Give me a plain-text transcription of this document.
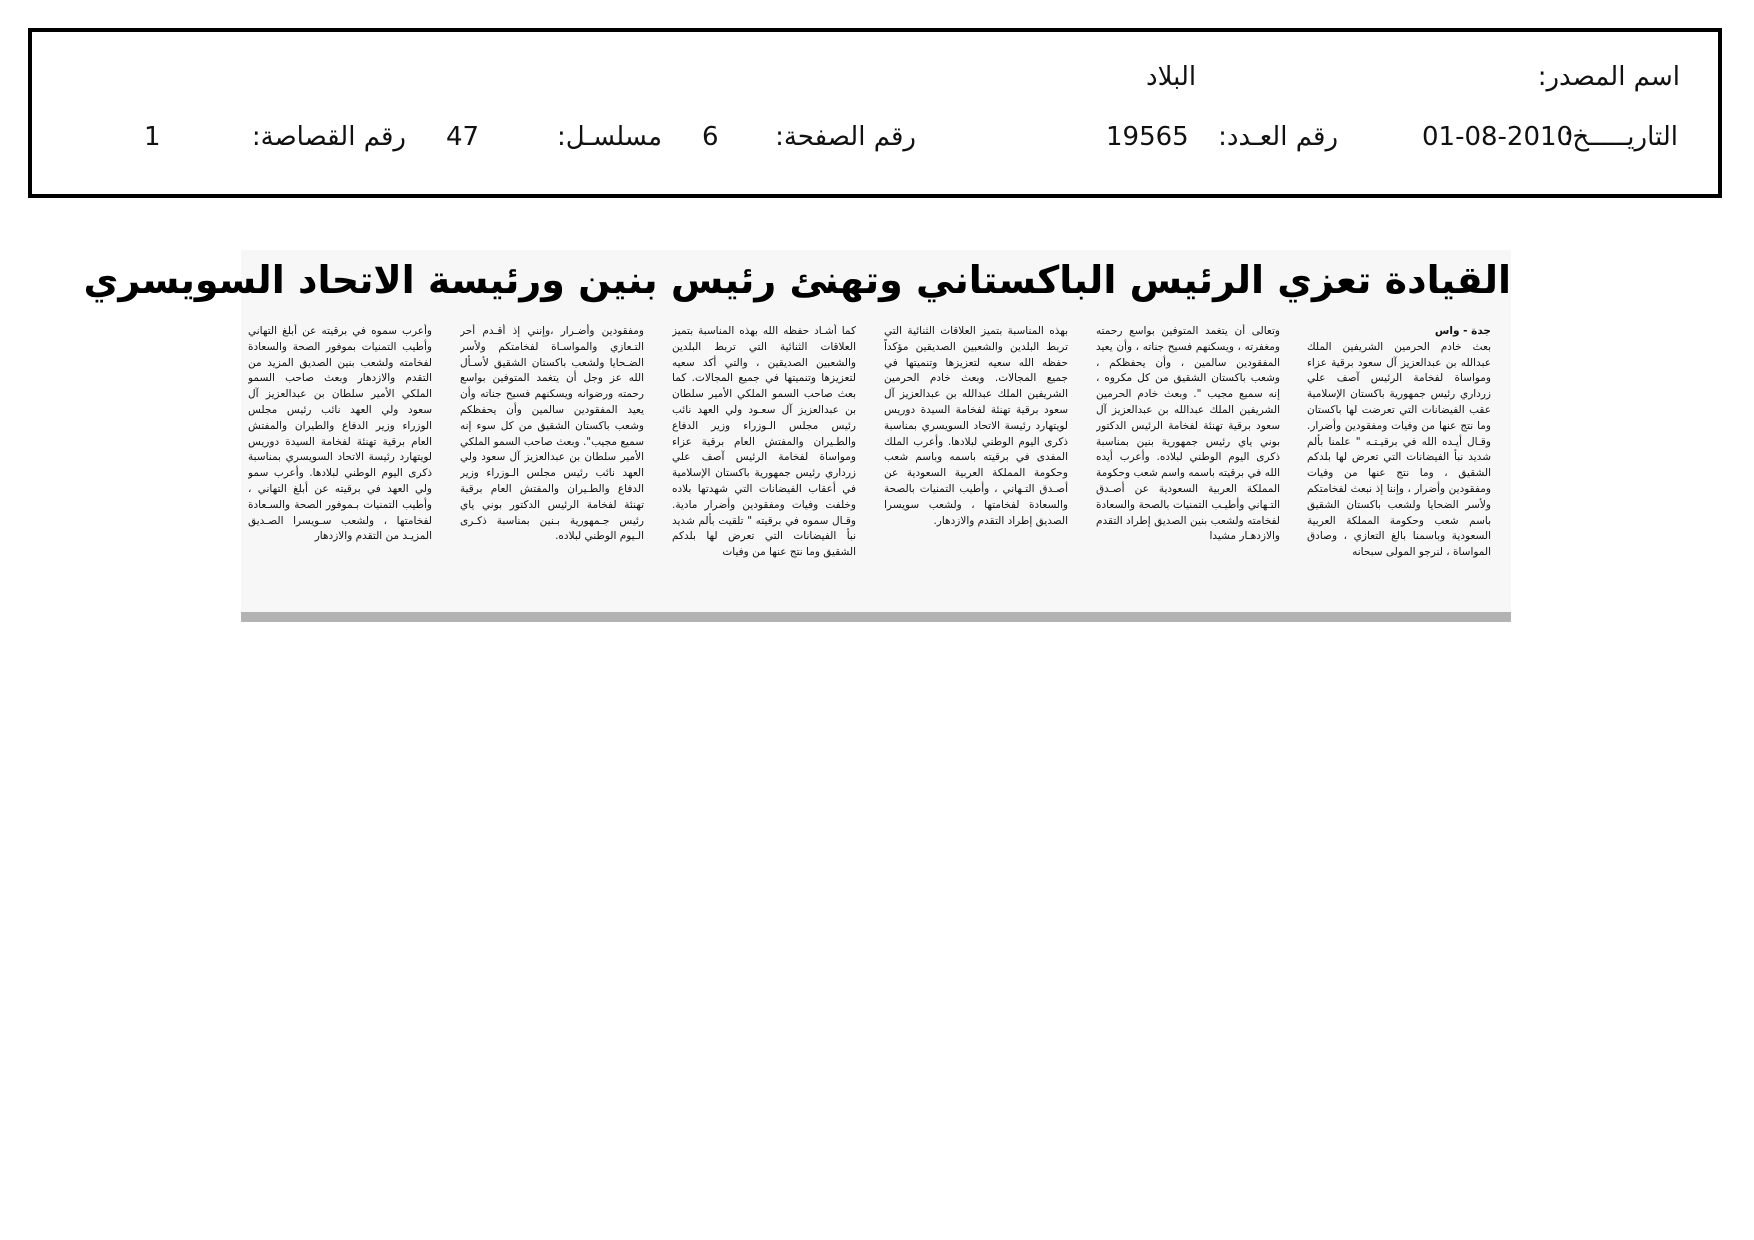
اسم المصدر:
البلاد
التاريـــــخ:
01-08-2010
رقم العـدد:
19565
رقم الصفحة:
6
مسلسـل:
47
رقم القصاصة:
1
القيادة تعزي الرئيس الباكستاني وتهنئ رئيس بنين ورئيسة الاتحاد السويسري

جدة - واس

بعث خادم الحرمين الشريفين الملك عبدالله بن عبدالعزيز آل سعود برقية عزاء ومواساة لفخامة الرئيس آصف علي زرداري رئيس جمهورية باكستان الإسلامية عقب الفيضانات التي تعرضت لها باكستان وما نتج عنها من وفيات ومفقودين وأضرار. وقـال أيـده الله في برقيـتـه " علمنا بألم شديد نبأ الفيضانات التي تعرض لها بلدكم الشقيق ، وما نتج عنها من وفيات ومفقودين وأضرار ، وإننا إذ نبعث لفخامتكم ولأسر الضحايا ولشعب باكستان الشقيق باسم شعب وحكومة المملكة العربية السعودية وباسمنا بالغ التعازي ، وصادق المواساة ، لنرجو المولى سبحانه

وتعالى أن يتغمد المتوفين بواسع رحمته ومغفرته ، ويسكنهم فسيح جناته ، وأن يعيد المفقودين سالمين ، وأن يحفظكم ، وشعب باكستان الشقيق من كل مكروه ، إنه سميع مجيب ". وبعث خادم الحرمين الشريفين الملك عبدالله بن عبدالعزيز آل سعود برقية تهنئة لفخامة الرئيس الدكتور بوني ياي رئيس جمهورية بنين بمناسبة ذكرى اليوم الوطني لبلاده. وأعرب أيده الله في برقيته باسمه واسم شعب وحكومة المملكة العربية السعودية عن أصـدق التـهاني وأطيـب التمنيات بالصحة والسعادة لفخامته ولشعب بنين الصديق إطراد التقدم والازدهـار مشيدا

بهذه المناسبة بتميز العلاقات الثنائية التي تربط البلدين والشعبين الصديقين مؤكداً حفظه الله سعيه لتعزيزها وتنميتها في جميع المجالات. وبعث خادم الحرمين الشريفين الملك عبدالله بن عبدالعزيز آل سعود برقية تهنئة لفخامة السيدة دوريس لويتهارد رئيسة الاتحاد السويسري بمناسبة ذكرى اليوم الوطني لبلادها. وأعرب الملك المفدى في برقيته باسمه وباسم شعب وحكومة المملكة العربية السعودية عن أصـدق التـهاني ، وأطيب التمنيات بالصحة والسعادة لفخامتها ، ولشعب سويسرا الصديق إطراد التقدم والازدهار.

كما أشـاد حفظه الله بهذه المناسبة بتميز العلاقات الثنائية التي تربط البلدين والشعبين الصديقين ، والتي أكد سعيه لتعزيزها وتنميتها في جميع المجالات. كما بعث صاحب السمو الملكي الأمير سلطان بن عبدالعزيز آل سعـود ولي العهد نائب رئيس مجلس الـوزراء وزير الدفاع والطـيران والمفتش العام برقية عزاء ومواساة لفخامة الرئيس آصف علي زرداري رئيس جمهورية باكستان الإسلامية في أعقاب الفيضانات التي شهدتها بلاده وخلفت وفيات ومفقودين وأضرار مادية. وقـال سموه في برقيته " تلقيت بألم شديد نبأ الفيضانات التي تعرض لها بلدكم الشقيق وما نتج عنها من وفيات

ومفقودين وأضـرار ،وإنني إذ أقـدم أحر التـعازي والمواسـاة لفخامتكم ولأسر الضـحايا ولشعب باكستان الشقيق لأسـأل الله عز وجل أن يتغمد المتوفين بواسع رحمته ورضوانه ويسكنهم فسيح جناته وأن يعيد المفقودين سالمين وأن يحفظكم وشعب باكستان الشقيق من كل سوء إنه سميع مجيب". وبعث صاحب السمو الملكي الأمير سلطان بن عبدالعزيز آل سعود ولي العهد نائب رئيس مجلس الـوزراء وزير الدفاع والطـيران والمفتش العام برقية تهنئة لفخامة الرئيس الدكتور بوني ياي رئيس جـمهورية بـنين بمناسبة ذكـرى الـيوم الوطني لبلاده.

وأعرب سموه في برقيته عن أبلغ التهاني وأطيب التمنيات بموفور الصحة والسعادة لفخامته ولشعب بنين الصديق المزيد من التقدم والازدهار وبعث صاحب السمو الملكي الأمير سلطان بن عبدالعزيز آل سعود ولي العهد نائب رئيس مجلس الوزراء وزير الدفاع والطيران والمفتش العام برقية تهنئة لفخامة السيدة دوريس لويتهارد رئيسة الاتحاد السويسري بمناسبة ذكرى اليوم الوطني لبلادها. وأعرب سمو ولي العهد في برقيته عن أبلغ التهاني ، وأطيب التمنيات بـموفور الصحة والسـعادة لفخامتها ، ولشعب سـويسرا الصـديق المزيـد من التقدم والازدهار
